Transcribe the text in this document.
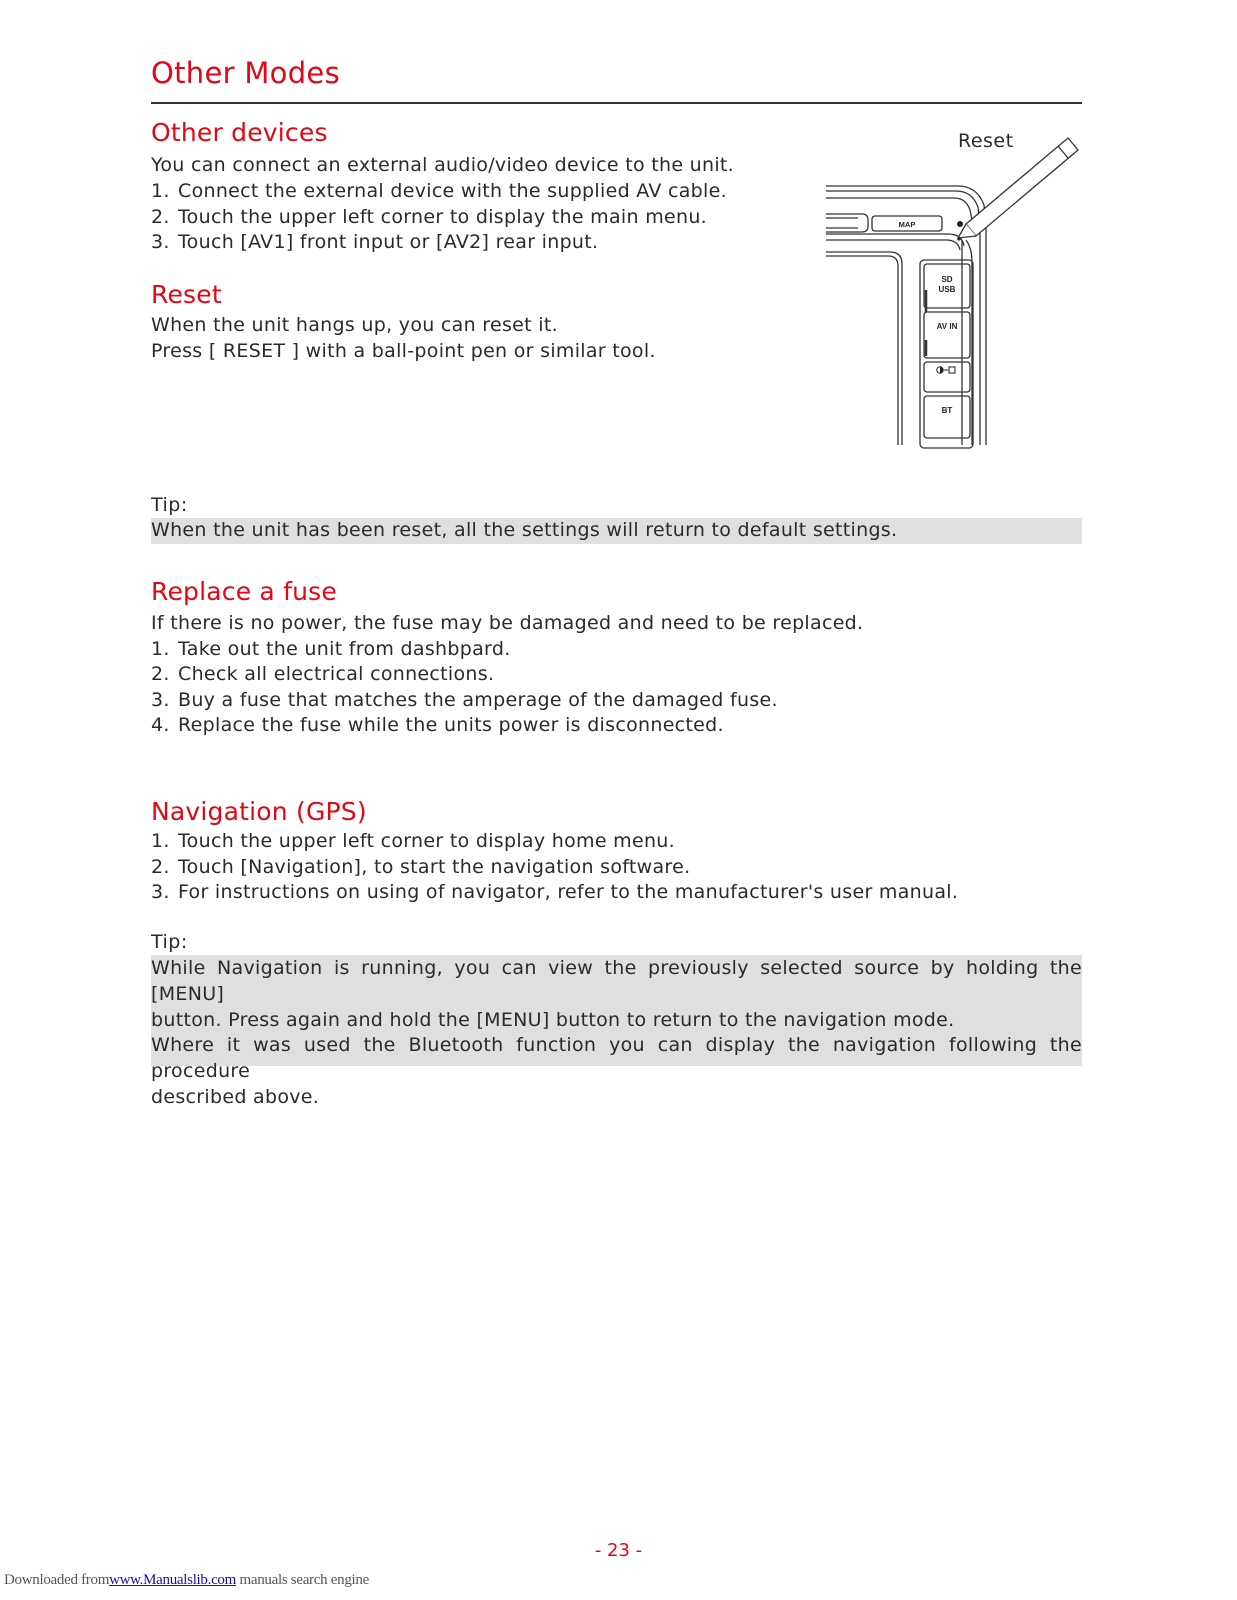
Other Modes
Other devices

You can connect an external audio/video device to the unit.

1. Connect the external device with the supplied AV cable.

2. Touch the upper left corner to display the main menu.

3. Touch [AV1] front input or [AV2] rear input.

Reset

When the unit hangs up, you can reset it.

Press [ RESET ] with a ball-point pen or similar tool.

Reset
MAP
SD
USB
AV IN
BT
Tip:

When the unit has been reset, all the settings will return to default settings.

Replace a fuse

If there is no power, the fuse may be damaged and need to be replaced.

1. Take out the unit from dashbpard.

2. Check all electrical connections.

3. Buy a fuse that matches the amperage of the damaged fuse.

4. Replace the fuse while the units power is disconnected.

Navigation (GPS)

1. Touch the upper left corner to display home menu.

2. Touch [Navigation], to start the navigation software.

3. For instructions on using of navigator, refer to the manufacturer's user manual.

Tip:

While Navigation is running, you can view the previously selected source by holding the [MENU]

button. Press again and hold the [MENU] button to return to the navigation mode.

Where it was used the Bluetooth function you can display the navigation following the procedure

described above.

- 23 -
Downloaded fromwww.Manualslib.com manuals search engine
